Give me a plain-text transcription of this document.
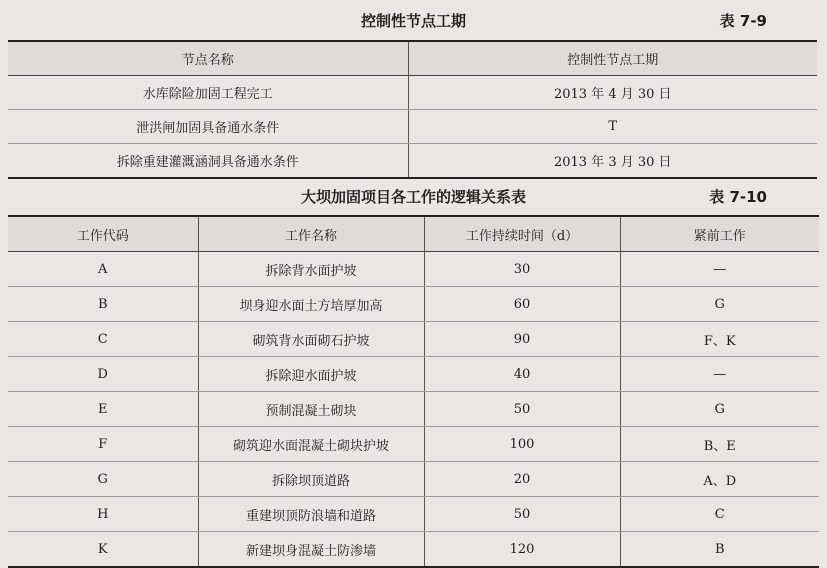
控制性节点工期	表 7-9
节点名称	控制性节点工期
水库除险加固工程完工	2013 年 4 月 30 日
泄洪闸加固具备通水条件	T
拆除重建灌溉涵洞具备通水条件	2013 年 3 月 30 日
大坝加固项目各工作的逻辑关系表	表 7-10
工作代码	工作名称	工作持续时间（d）	紧前工作
A	拆除背水面护坡	30	—
B	坝身迎水面土方培厚加高	60	G
C	砌筑背水面砌石护坡	90	F、K
D	拆除迎水面护坡	40	—
E	预制混凝土砌块	50	G
F	砌筑迎水面混凝土砌块护坡	100	B、E
G	拆除坝顶道路	20	A、D
H	重建坝顶防浪墙和道路	50	C
K	新建坝身混凝土防渗墙	120	B
